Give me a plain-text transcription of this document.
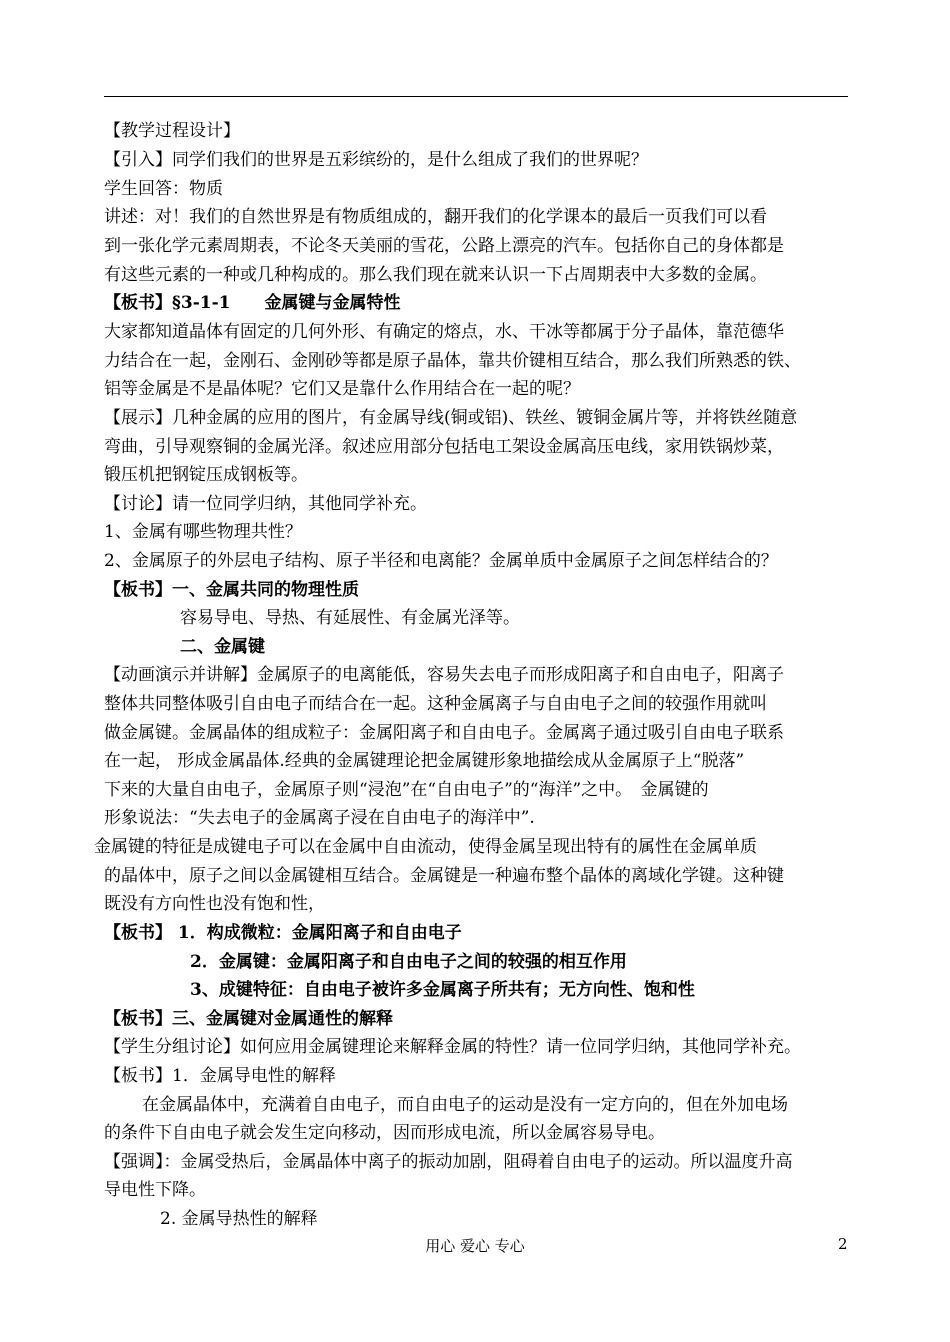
【教学过程设计】
【引入】同学们我们的世界是五彩缤纷的，是什么组成了我们的世界呢？
学生回答：物质
讲述：对！我们的自然世界是有物质组成的，翻开我们的化学课本的最后一页我们可以看
到一张化学元素周期表，不论冬天美丽的雪花，公路上漂亮的汽车。包括你自己的身体都是
有这些元素的一种或几种构成的。那么我们现在就来认识一下占周期表中大多数的金属。
【板书】§3-1-1　　金属键与金属特性
大家都知道晶体有固定的几何外形、有确定的熔点，水、干冰等都属于分子晶体，靠范德华
力结合在一起，金刚石、金刚砂等都是原子晶体，靠共价键相互结合，那么我们所熟悉的铁、
铝等金属是不是晶体呢？它们又是靠什么作用结合在一起的呢？
【展示】几种金属的应用的图片，有金属导线(铜或铝)、铁丝、镀铜金属片等，并将铁丝随意
弯曲，引导观察铜的金属光泽。叙述应用部分包括电工架设金属高压电线，家用铁锅炒菜，
锻压机把钢锭压成钢板等。
【讨论】请一位同学归纳，其他同学补充。
1、金属有哪些物理共性？
2、金属原子的外层电子结构、原子半径和电离能？金属单质中金属原子之间怎样结合的？
【板书】一、金属共同的物理性质
容易导电、导热、有延展性、有金属光泽等。
二、金属键
【动画演示并讲解】金属原子的电离能低，容易失去电子而形成阳离子和自由电子，阳离子
整体共同整体吸引自由电子而结合在一起。这种金属离子与自由电子之间的较强作用就叫
做金属键。金属晶体的组成粒子：金属阳离子和自由电子。金属离子通过吸引自由电子联系
在一起， 形成金属晶体.经典的金属键理论把金属键形象地描绘成从金属原子上“脱落”
下来的大量自由电子，金属原子则“浸泡”在“自由电子”的“海洋”之中。　金属键的
形象说法：“失去电子的金属离子浸在自由电子的海洋中”.
金属键的特征是成键电子可以在金属中自由流动，使得金属呈现出特有的属性在金属单质
的晶体中，原子之间以金属键相互结合。金属键是一种遍布整个晶体的离域化学键。这种键
既没有方向性也没有饱和性，
【板书】 1．构成微粒：金属阳离子和自由电子
2．金属键：金属阳离子和自由电子之间的较强的相互作用
3、成键特征：自由电子被许多金属离子所共有；无方向性、饱和性
【板书】三、金属键对金属通性的解释
【学生分组讨论】如何应用金属键理论来解释金属的特性？请一位同学归纳，其他同学补充。
【板书】1．金属导电性的解释
在金属晶体中，充满着自由电子，而自由电子的运动是没有一定方向的，但在外加电场
的条件下自由电子就会发生定向移动，因而形成电流，所以金属容易导电。
【强调】：金属受热后，金属晶体中离子的振动加剧，阻碍着自由电子的运动。所以温度升高
导电性下降。
2. 金属导热性的解释
用心 爱心 专心	2
